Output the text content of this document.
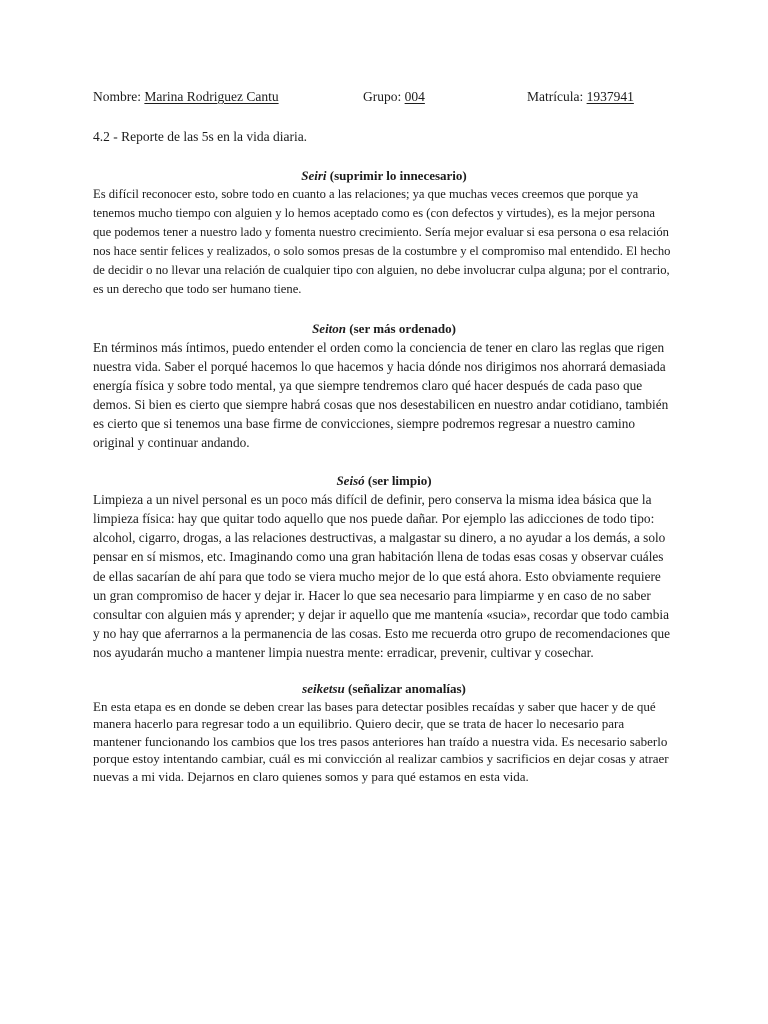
Nombre: Marina Rodriguez Cantu	Grupo: 004	Matrícula: 1937941
4.2 - Reporte de las 5s en la vida diaria.
Seiri (suprimir lo innecesario)
Es difícil reconocer esto, sobre todo en cuanto a las relaciones; ya que muchas veces creemos que porque ya tenemos mucho tiempo con alguien y lo hemos aceptado como es (con defectos y virtudes), es la mejor persona que podemos tener a nuestro lado y fomenta nuestro crecimiento. Sería mejor evaluar si esa persona o esa relación nos hace sentir felices y realizados, o solo somos presas de la costumbre y el compromiso mal entendido. El hecho de decidir o no llevar una relación de cualquier tipo con alguien, no debe involucrar culpa alguna; por el contrario, es un derecho que todo ser humano tiene.
Seiton (ser más ordenado)
En términos más íntimos, puedo entender el orden como la conciencia de tener en claro las reglas que rigen nuestra vida. Saber el porqué hacemos lo que hacemos y hacia dónde nos dirigimos nos ahorrará demasiada energía física y sobre todo mental, ya que siempre tendremos claro qué hacer después de cada paso que demos. Si bien es cierto que siempre habrá cosas que nos desestabilicen en nuestro andar cotidiano, también es cierto que si tenemos una base firme de convicciones, siempre podremos regresar a nuestro camino original y continuar andando.
Seisó (ser limpio)
Limpieza a un nivel personal es un poco más difícil de definir, pero conserva la misma idea básica que la limpieza física: hay que quitar todo aquello que nos puede dañar. Por ejemplo las adicciones de todo tipo: alcohol, cigarro, drogas, a las relaciones destructivas, a malgastar su dinero, a no ayudar a los demás, a solo pensar en sí mismos, etc. Imaginando como una gran habitación llena de todas esas cosas y observar cuáles de ellas sacarían de ahí para que todo se viera mucho mejor de lo que está ahora. Esto obviamente requiere un gran compromiso de hacer y dejar ir. Hacer lo que sea necesario para limpiarme y en caso de no saber consultar con alguien más y aprender; y dejar ir aquello que me mantenía «sucia», recordar que todo cambia y no hay que aferrarnos a la permanencia de las cosas. Esto me recuerda otro grupo de recomendaciones que nos ayudarán mucho a mantener limpia nuestra mente: erradicar, prevenir, cultivar y cosechar.
seiketsu (señalizar anomalías)
En esta etapa es en donde se deben crear las bases para detectar posibles recaídas y saber que hacer y de qué manera hacerlo para regresar todo a un equilibrio. Quiero decir, que se trata de hacer lo necesario para mantener funcionando los cambios que los tres pasos anteriores han traído a nuestra vida. Es necesario saberlo porque estoy intentando cambiar, cuál es mi convicción al realizar cambios y sacrificios en dejar cosas y atraer nuevas a mi vida. Dejarnos en claro quienes somos y para qué estamos en esta vida.
